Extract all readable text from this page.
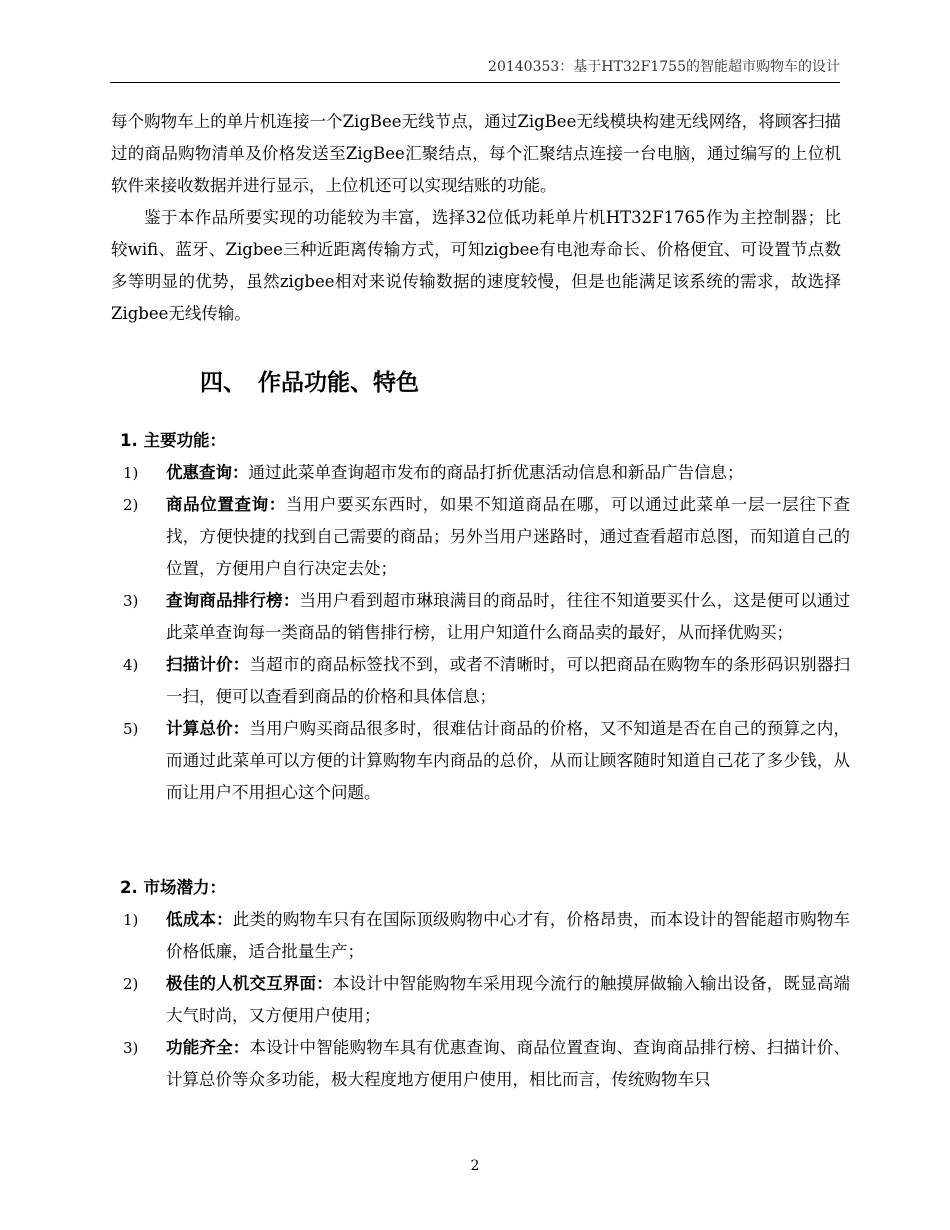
20140353：基于HT32F1755的智能超市购物车的设计

每个购物车上的单片机连接一个ZigBee无线节点，通过ZigBee无线模块构建无线网络，将顾客扫描过的商品购物清单及价格发送至ZigBee汇聚结点，每个汇聚结点连接一台电脑，通过编写的上位机软件来接收数据并进行显示，上位机还可以实现结账的功能。

鉴于本作品所要实现的功能较为丰富，选择32位低功耗单片机HT32F1765作为主控制器；比较wifi、蓝牙、Zigbee三种近距离传输方式，可知zigbee有电池寿命长、价格便宜、可设置节点数多等明显的优势，虽然zigbee相对来说传输数据的速度较慢，但是也能满足该系统的需求，故选择Zigbee无线传输。

四、 作品功能、特色
1. 主要功能：

1) 优惠查询：通过此菜单查询超市发布的商品打折优惠活动信息和新品广告信息；

2) 商品位置查询：当用户要买东西时，如果不知道商品在哪，可以通过此菜单一层一层往下查找，方便快捷的找到自己需要的商品；另外当用户迷路时，通过查看超市总图，而知道自己的位置，方便用户自行决定去处；

3) 查询商品排行榜：当用户看到超市琳琅满目的商品时，往往不知道要买什么，这是便可以通过此菜单查询每一类商品的销售排行榜，让用户知道什么商品卖的最好，从而择优购买；

4) 扫描计价：当超市的商品标签找不到，或者不清晰时，可以把商品在购物车的条形码识别器扫一扫，便可以查看到商品的价格和具体信息；

5) 计算总价：当用户购买商品很多时，很难估计商品的价格，又不知道是否在自己的预算之内，而通过此菜单可以方便的计算购物车内商品的总价，从而让顾客随时知道自己花了多少钱，从而让用户不用担心这个问题。

2. 市场潜力：

1) 低成本：此类的购物车只有在国际顶级购物中心才有，价格昂贵，而本设计的智能超市购物车价格低廉，适合批量生产；

2) 极佳的人机交互界面：本设计中智能购物车采用现今流行的触摸屏做输入输出设备，既显高端大气时尚，又方便用户使用；

3) 功能齐全：本设计中智能购物车具有优惠查询、商品位置查询、查询商品排行榜、扫描计价、计算总价等众多功能，极大程度地方便用户使用，相比而言，传统购物车只

2
